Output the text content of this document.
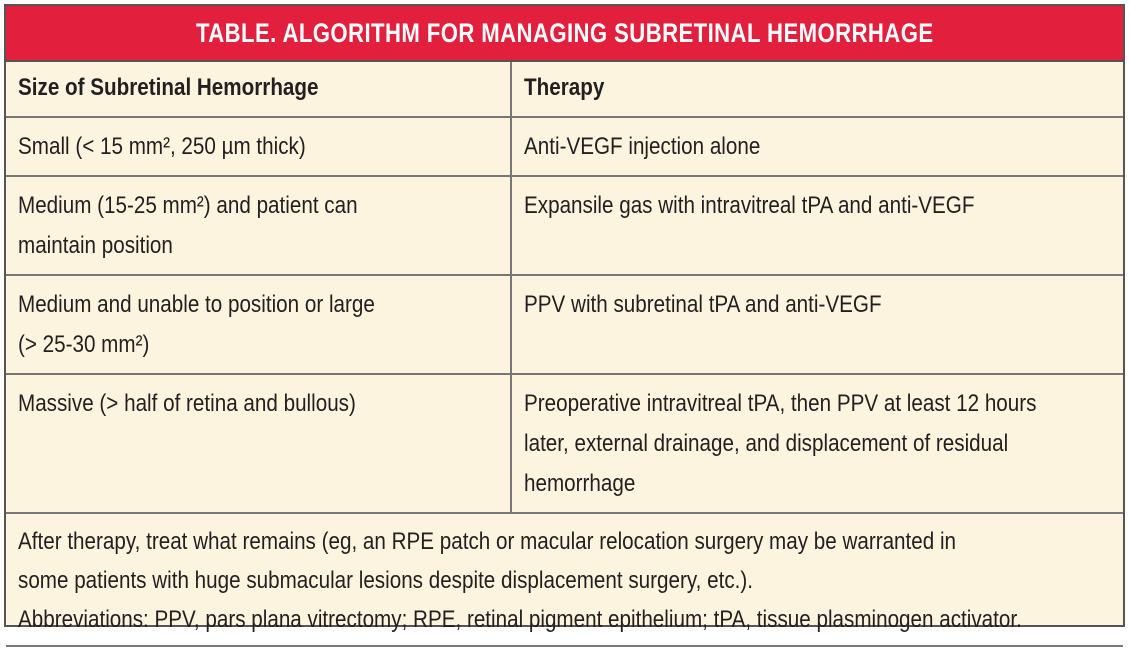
TABLE. ALGORITHM FOR MANAGING SUBRETINAL HEMORRHAGE
Size of Subretinal Hemorrhage	Therapy
Small (< 15 mm², 250 µm thick)	Anti-VEGF injection alone
Medium (15-25 mm²) and patient can
maintain position	Expansile gas with intravitreal tPA and anti-VEGF
Medium and unable to position or large
(> 25-30 mm²)	PPV with subretinal tPA and anti-VEGF
Massive (> half of retina and bullous)	Preoperative intravitreal tPA, then PPV at least 12 hours
later, external drainage, and displacement of residual
hemorrhage

After therapy, treat what remains (eg, an RPE patch or macular relocation surgery may be warranted in
some patients with huge submacular lesions despite displacement surgery, etc.).
Abbreviations: PPV, pars plana vitrectomy; RPE, retinal pigment epithelium; tPA, tissue plasminogen activator.	
